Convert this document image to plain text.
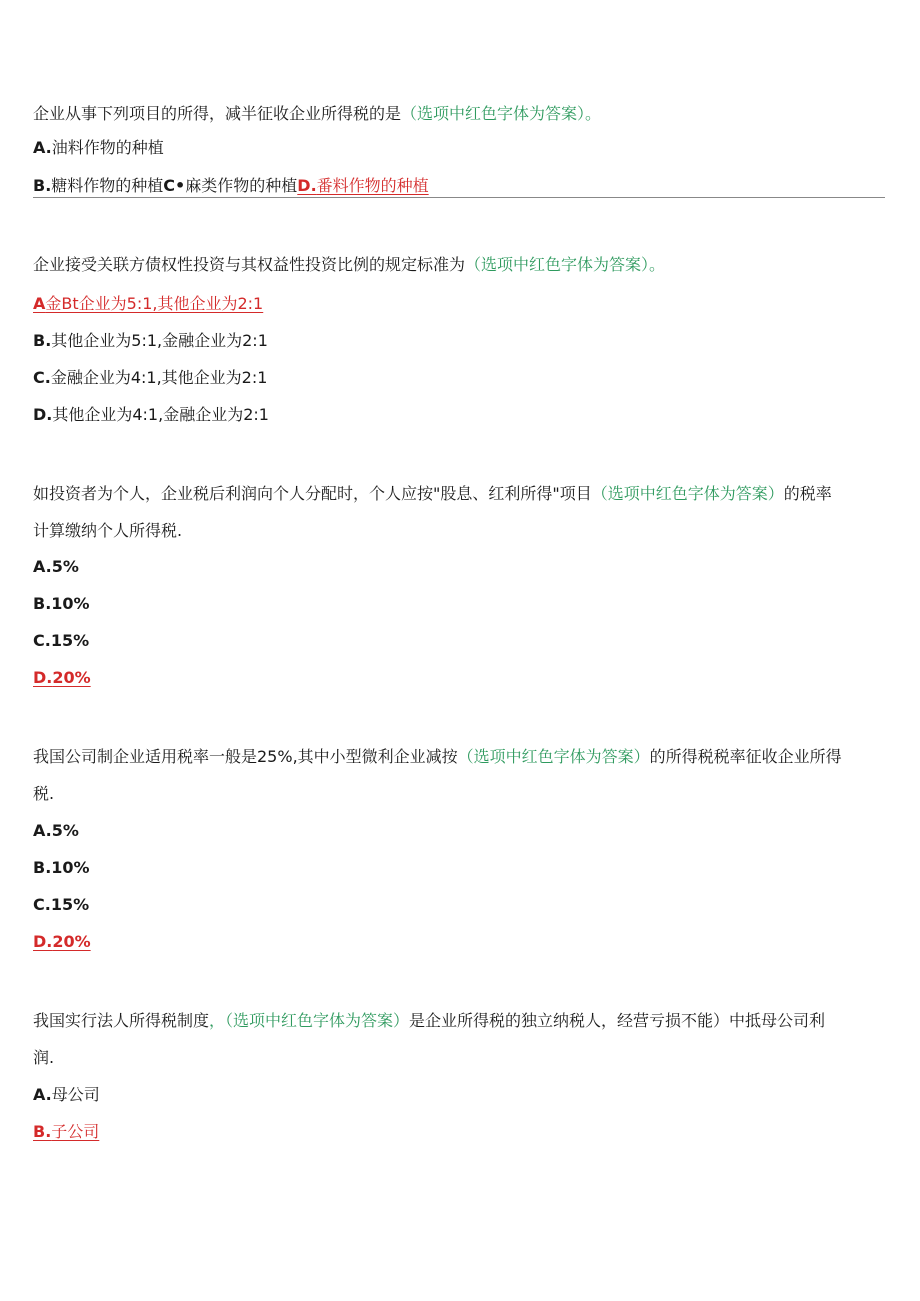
企业从事下列项目的所得，减半征收企业所得税的是（选项中红色字体为答案）。
A.油料作物的种植
B.糖料作物的种植C•麻类作物的种植D.番料作物的种植
企业接受关联方债权性投资与其权益性投资比例的规定标准为（选项中红色字体为答案）。
A金Bt企业为5:1,其他企业为2:1
B.其他企业为5:1,金融企业为2:1
C.金融企业为4:1,其他企业为2:1
D.其他企业为4:1,金融企业为2:1
如投资者为个人，企业税后利润向个人分配时，个人应按"股息、红利所得"项目（选项中红色字体为答案）的税率
计算缴纳个人所得税.
A.5%
B.10%
C.15%
D.20%
我国公司制企业适用税率一般是25%,其中小型微利企业减按（选项中红色字体为答案）的所得税税率征收企业所得
税.
A.5%
B.10%
C.15%
D.20%
我国实行法人所得税制度，（选项中红色字体为答案）是企业所得税的独立纳税人，经营亏损不能）中抵母公司利
润.
A.母公司
B.子公司
